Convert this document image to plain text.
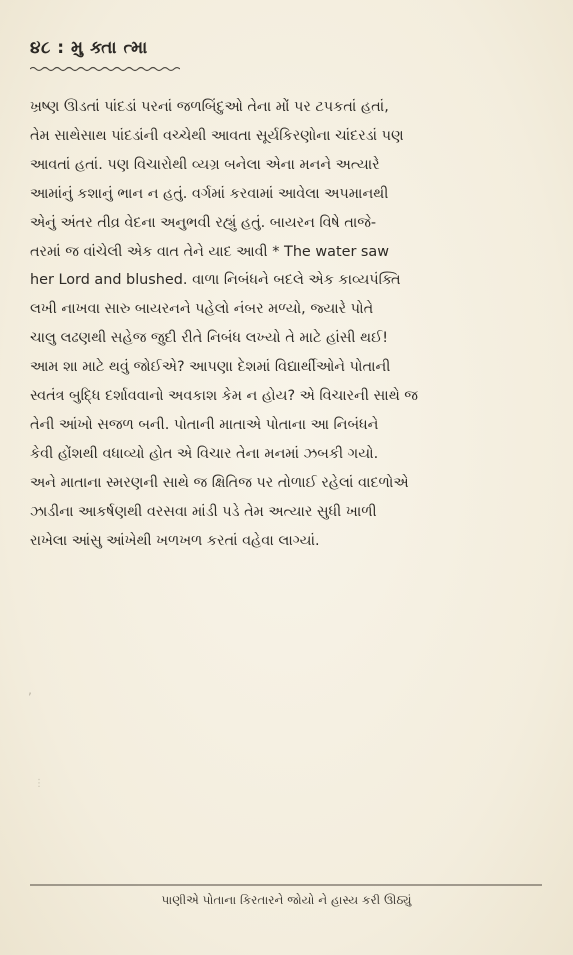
૪૮ : મુ ક્તા ત્મા
ખ્રષ્ણ ઊડતાં પાંદડાં પરનાં જળબિંદુઓ તેના મોં પર ટપકતાં હતાં,
તેમ સાથેસાથ પાંદડાંની વચ્ચેથી આવતા સૂર્યકિરણોના ચાંદરડાં પણ
આવતાં હતાં. પણ વિચારોથી વ્યગ્ર બનેલા એના મનને અત્યારે
આમાંનું કશાનું ભાન ન હતું. વર્ગમાં કરવામાં આવેલા અપમાનથી
એનું અંતર તીવ્ર વેદના અનુભવી રહ્યું હતું. બાયરન વિષે તાજે-
તરમાં જ વાંચેલી એક વાત તેને યાદ આવી * The water saw
her Lord and blushed. વાળા નિબંધને બદલે એક કાવ્યપંક્તિ
લખી નાખવા સારુ બાયરનને પહેલો નંબર મળ્યો, જ્યારે પોતે
ચાલુ લઢણથી સહેજ જુદી રીતે નિબંધ લખ્યો તે માટે હાંસી થઈ!
આમ શા માટે થવું જોઈએ? આપણા દેશમાં વિદ્યાર્થીઓને પોતાની
સ્વતંત્ર બુદ્ધિ દર્શાવવાનો અવકાશ કેમ ન હોય? એ વિચારની સાથે જ
તેની આંખો સજળ બની. પોતાની માતાએ પોતાના આ નિબંધને
કેવી હોંશથી વધાવ્યો હોત એ વિચાર તેના મનમાં ઝબકી ગયો.
અને માતાના સ્મરણની સાથે જ ક્ષિતિજ પર તોળાઈ રહેલાં વાદળોએ
ઝાડીના આકર્ષણથી વરસવા માંડી પડે તેમ અત્યાર સુધી ખાળી
રાખેલા આંસુ આંખેથી ખળખળ કરતાં વહેવા લાગ્યાં.
‚
⋮
પાણીએ પોતાના કિરતારને જોયો ને હાસ્ય કરી ઊઠ્યું
